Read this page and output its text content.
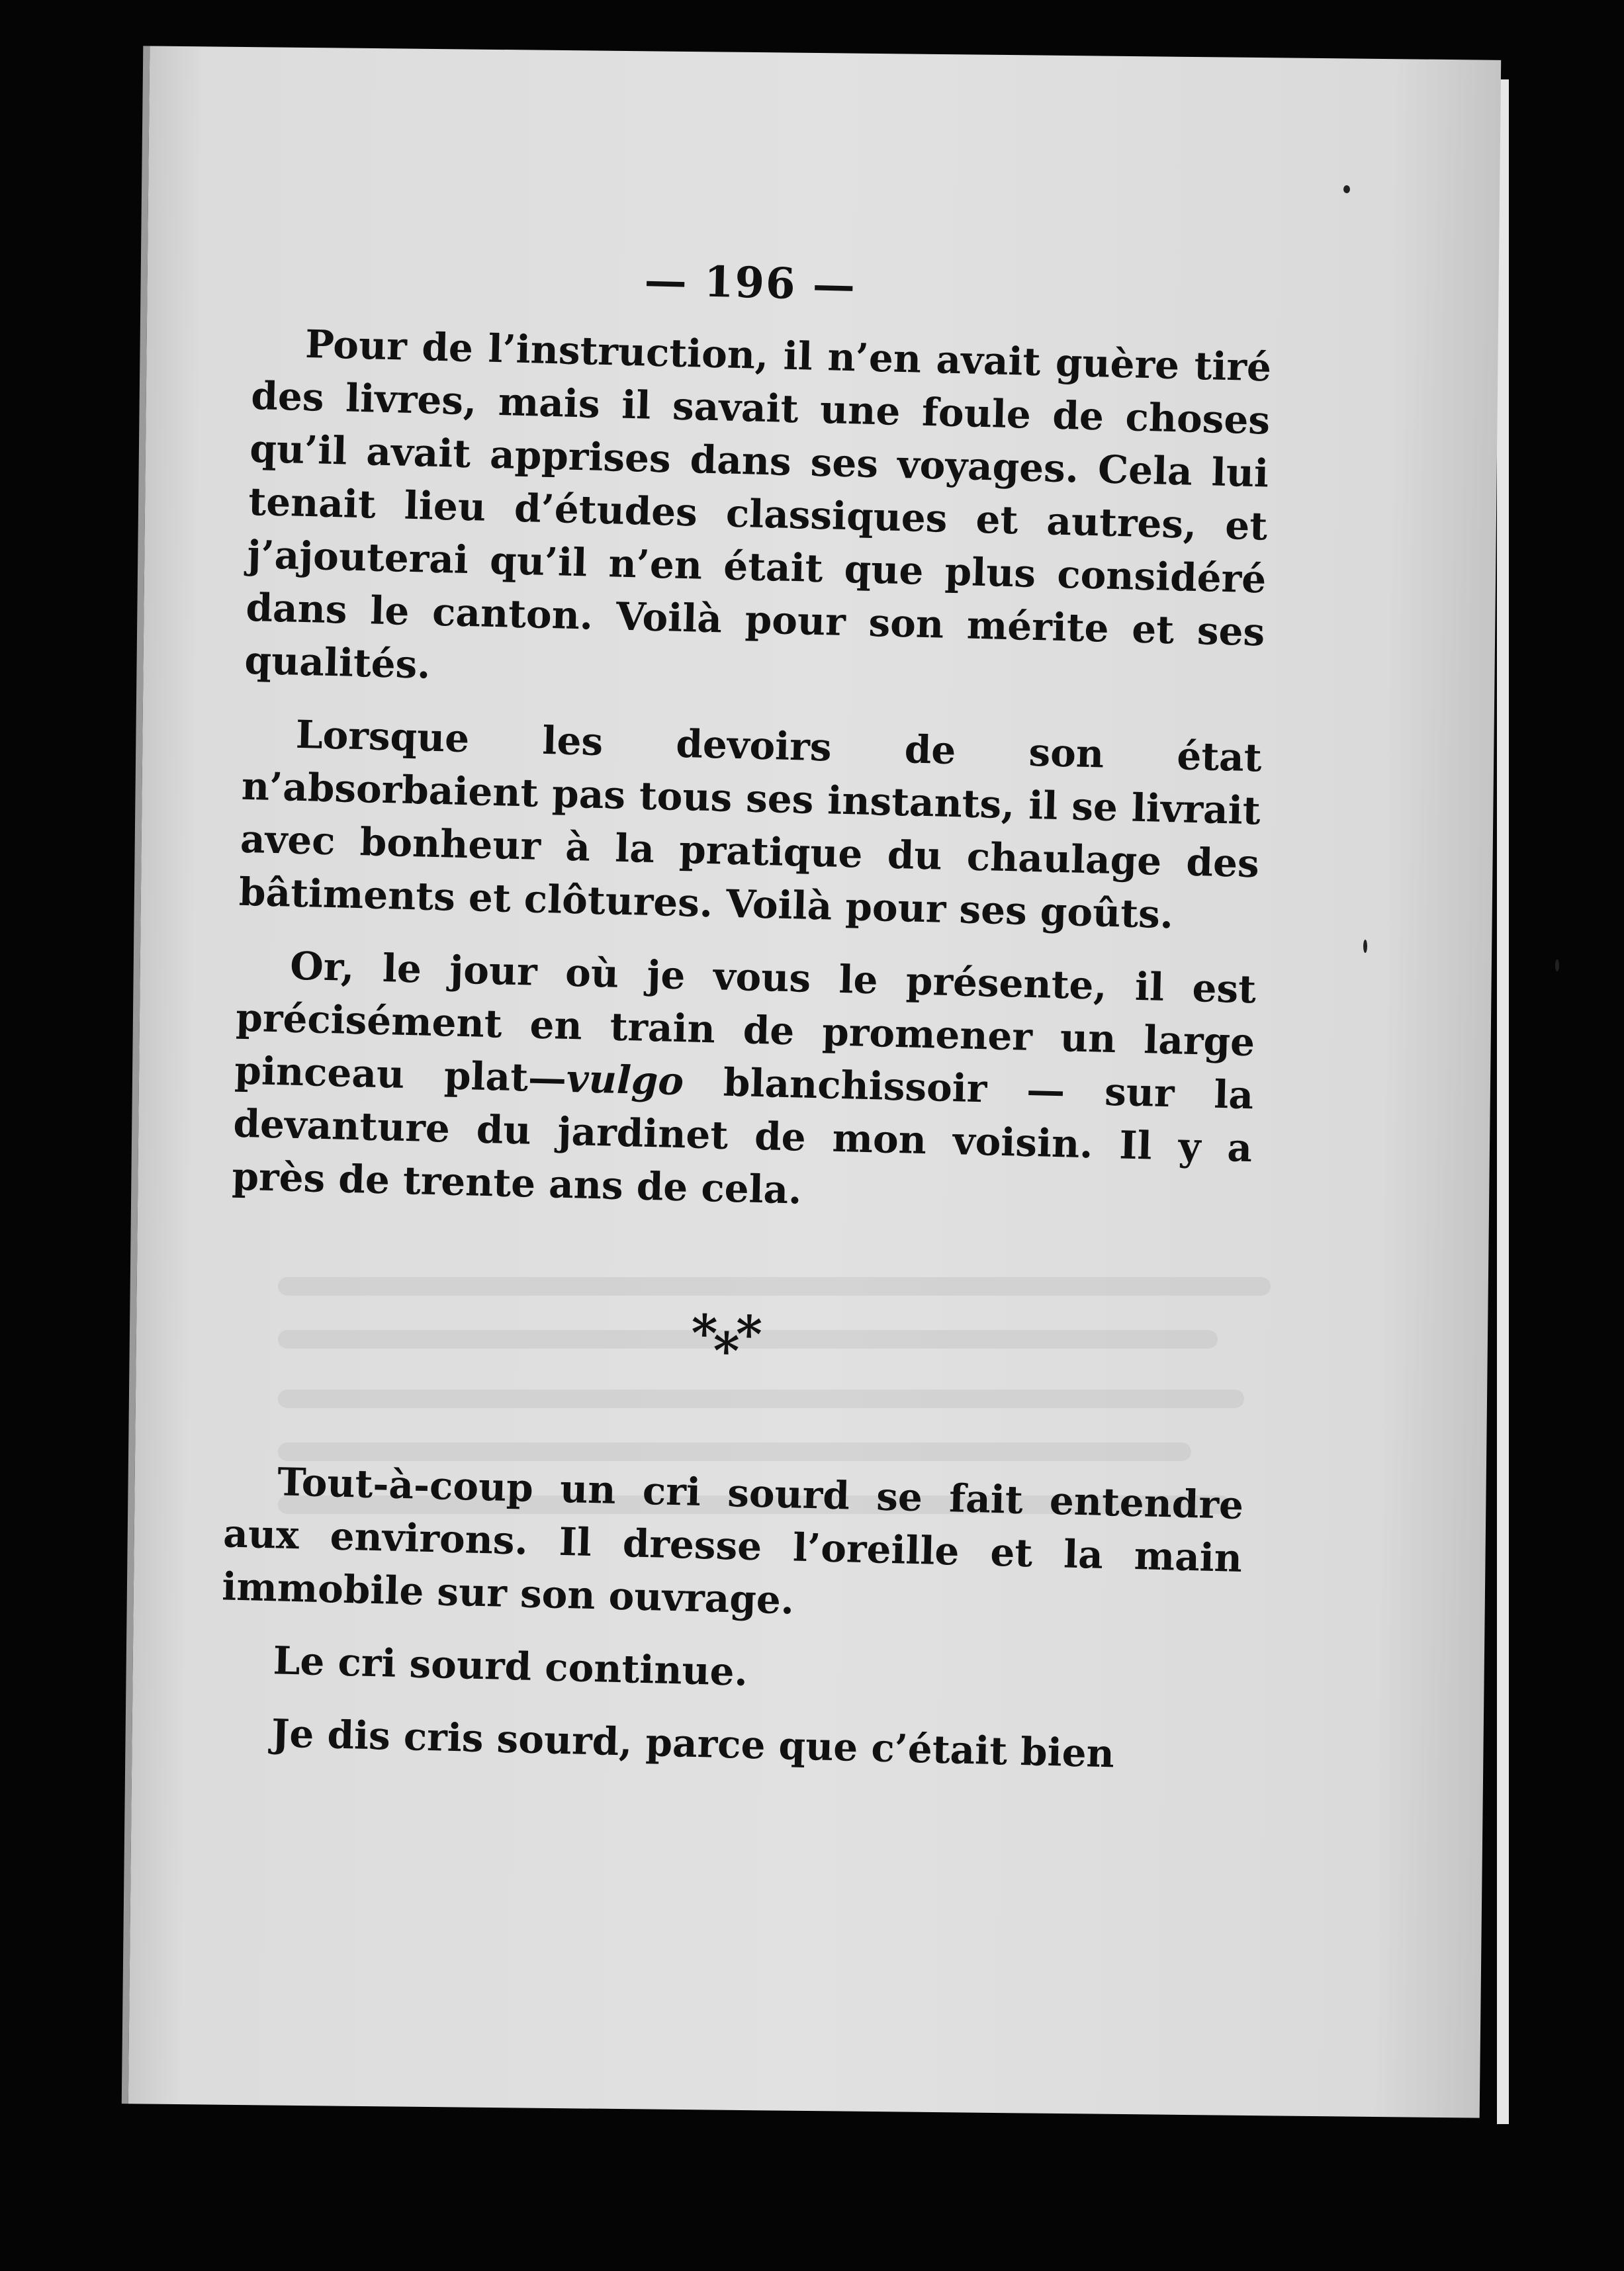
— 196 —

Pour de l’instruction, il n’en avait guère tiré des livres, mais il savait une foule de choses qu’il avait apprises dans ses voyages. Cela lui tenait lieu d’études classiques et autres, et j’ajouterai qu’il n’en était que plus considéré dans le canton. Voilà pour son mérite et ses qualités.

Lorsque les devoirs de son état n’absorbaient pas tous ses instants, il se livrait avec bonheur à la pratique du chaulage des bâtiments et clôtures. Voilà pour ses goûts.

Or, le jour où je vous le présente, il est précisément en train de promener un large pinceau plat—vulgo blanchissoir — sur la devanture du jardinet de mon voisin. Il y a près de trente ans de cela.

***

Tout-à-coup un cri sourd se fait entendre aux environs. Il dresse l’oreille et la main immobile sur son ouvrage.

Le cri sourd continue.

Je dis cris sourd, parce que c’était bien
